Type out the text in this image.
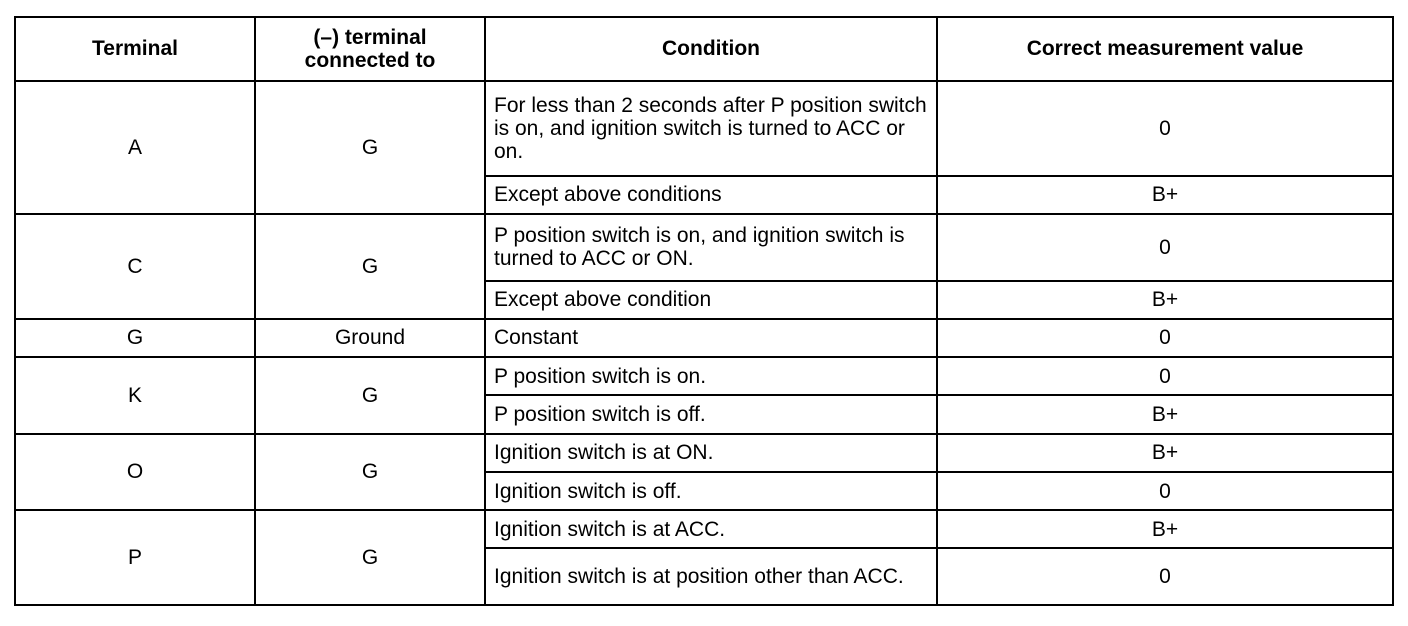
Terminal	(–) terminal connected to	Condition	Correct measurement value
A	G	For less than 2 seconds after P position switch is on, and ignition switch is turned to ACC or on.	0
		Except above conditions	B+
C	G	P position switch is on, and ignition switch is turned to ACC or ON.	0
		Except above condition	B+
G	Ground	Constant	0
K	G	P position switch is on.	0
		P position switch is off.	B+
O	G	Ignition switch is at ON.	B+
		Ignition switch is off.	0
P	G	Ignition switch is at ACC.	B+
		Ignition switch is at position other than ACC.	0
